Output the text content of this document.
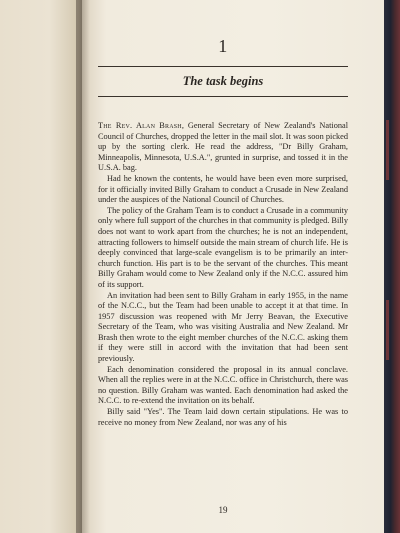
1
The task begins

The Rev. Alan Brash, General Secretary of New Zealand's National Council of Churches, dropped the letter in the mail slot. It was soon picked up by the sorting clerk. He read the address, "Dr Billy Graham, Minneapolis, Minnesota, U.S.A.", grunted in surprise, and tossed it in the U.S.A. bag.

Had he known the contents, he would have been even more surprised, for it officially invited Billy Graham to conduct a Crusade in New Zealand under the auspices of the National Council of Churches.

The policy of the Graham Team is to conduct a Crusade in a community only where full support of the churches in that community is pledged. Billy does not want to work apart from the churches; he is not an independent, attracting followers to himself outside the main stream of church life. He is deeply convinced that large-scale evangelism is to be primarily an inter-church function. His part is to be the servant of the churches. This meant Billy Graham would come to New Zealand only if the N.C.C. assured him of its support.

An invitation had been sent to Billy Graham in early 1955, in the name of the N.C.C., but the Team had been unable to accept it at that time. In 1957 discussion was reopened with Mr Jerry Beavan, the Executive Secretary of the Team, who was visiting Australia and New Zealand. Mr Brash then wrote to the eight member churches of the N.C.C. asking them if they were still in accord with the invitation that had been sent previously.

Each denomination considered the proposal in its annual conclave. When all the replies were in at the N.C.C. office in Christchurch, there was no question. Billy Graham was wanted. Each denomination had asked the N.C.C. to re-extend the invitation on its behalf.

Billy said "Yes". The Team laid down certain stipulations. He was to receive no money from New Zealand, nor was any of his

19
